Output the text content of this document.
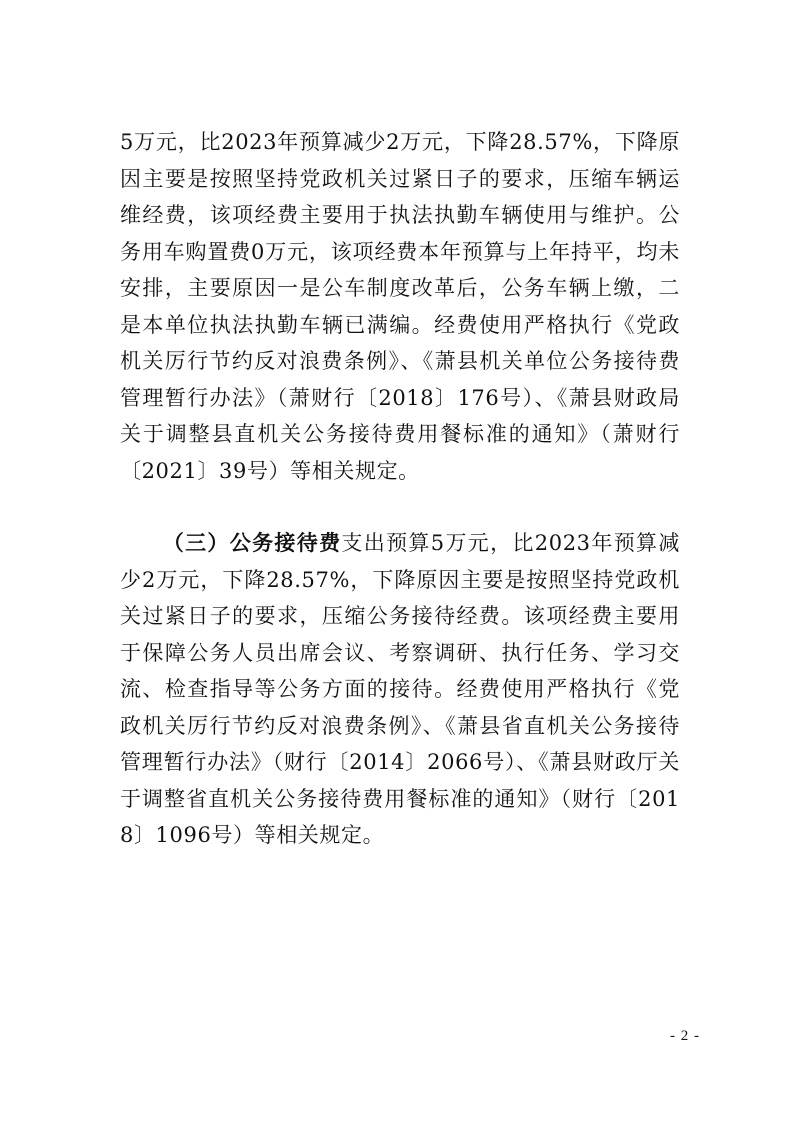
5万元，比2023年预算减少2万元，下降28.57%，下降原因主要是按照坚持党政机关过紧日子的要求，压缩车辆运维经费，该项经费主要用于执法执勤车辆使用与维护。公务用车购置费0万元，该项经费本年预算与上年持平，均未安排，主要原因一是公车制度改革后，公务车辆上缴，二是本单位执法执勤车辆已满编。经费使用严格执行《党政机关厉行节约反对浪费条例》、《萧县机关单位公务接待费管理暂行办法》（萧财行〔2018〕176号）、《萧县财政局关于调整县直机关公务接待费用餐标准的通知》（萧财行〔2021〕39号）等相关规定。

（三）公务接待费支出预算5万元，比2023年预算减少2万元，下降28.57%，下降原因主要是按照坚持党政机关过紧日子的要求，压缩公务接待经费。该项经费主要用于保障公务人员出席会议、考察调研、执行任务、学习交流、检查指导等公务方面的接待。经费使用严格执行《党政机关厉行节约反对浪费条例》、《萧县省直机关公务接待管理暂行办法》（财行〔2014〕2066号）、《萧县财政厅关于调整省直机关公务接待费用餐标准的通知》（财行〔2018〕1096号）等相关规定。

- 2 -
